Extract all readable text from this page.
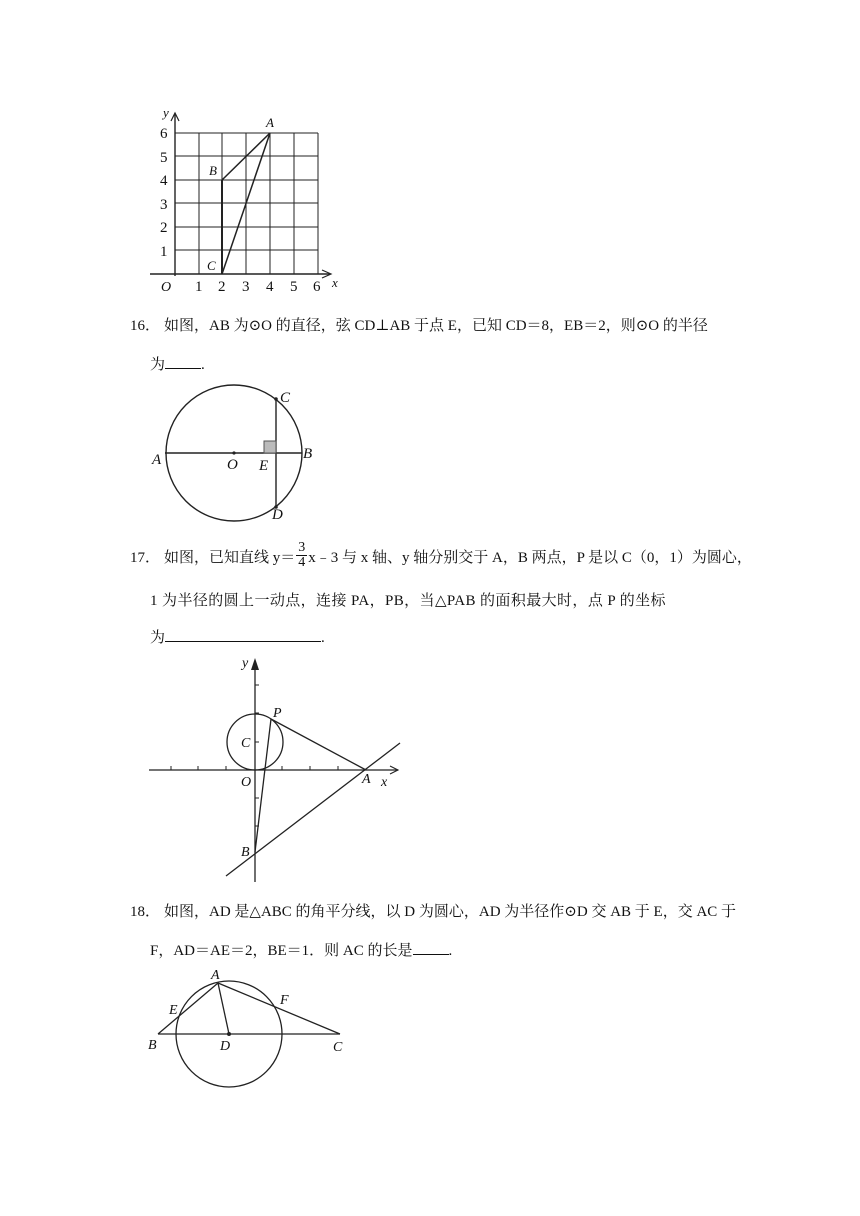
y
x
O
1
2
3
4
5
6
1 2 3 4 5 6
A
B
C
16． 如图，AB 为⊙O 的直径，弦 CD⊥AB 于点 E，已知 CD＝8，EB＝2，则⊙O 的半径
为 .
A	B
C
D
E
O
17． 如图，已知直线 $y= \frac{3}{4}$ x﹣3 与 x 轴、y 轴分别交于 A，B 两点，P 是以 C（0，1）为圆心，
1 为半径的圆上一动点，连接 PA，PB，当△PAB 的面积最大时，点 P 的坐标
为	.
y
x
O	A
B
C
P
18． 如图，AD 是△ABC 的角平分线，以 D 为圆心，AD 为半径作⊙D 交 AB 于 E，交 AC 于
F，AD＝AE＝2，BE＝1．则 AC 的长是 .
A
B	C
D
E
F
